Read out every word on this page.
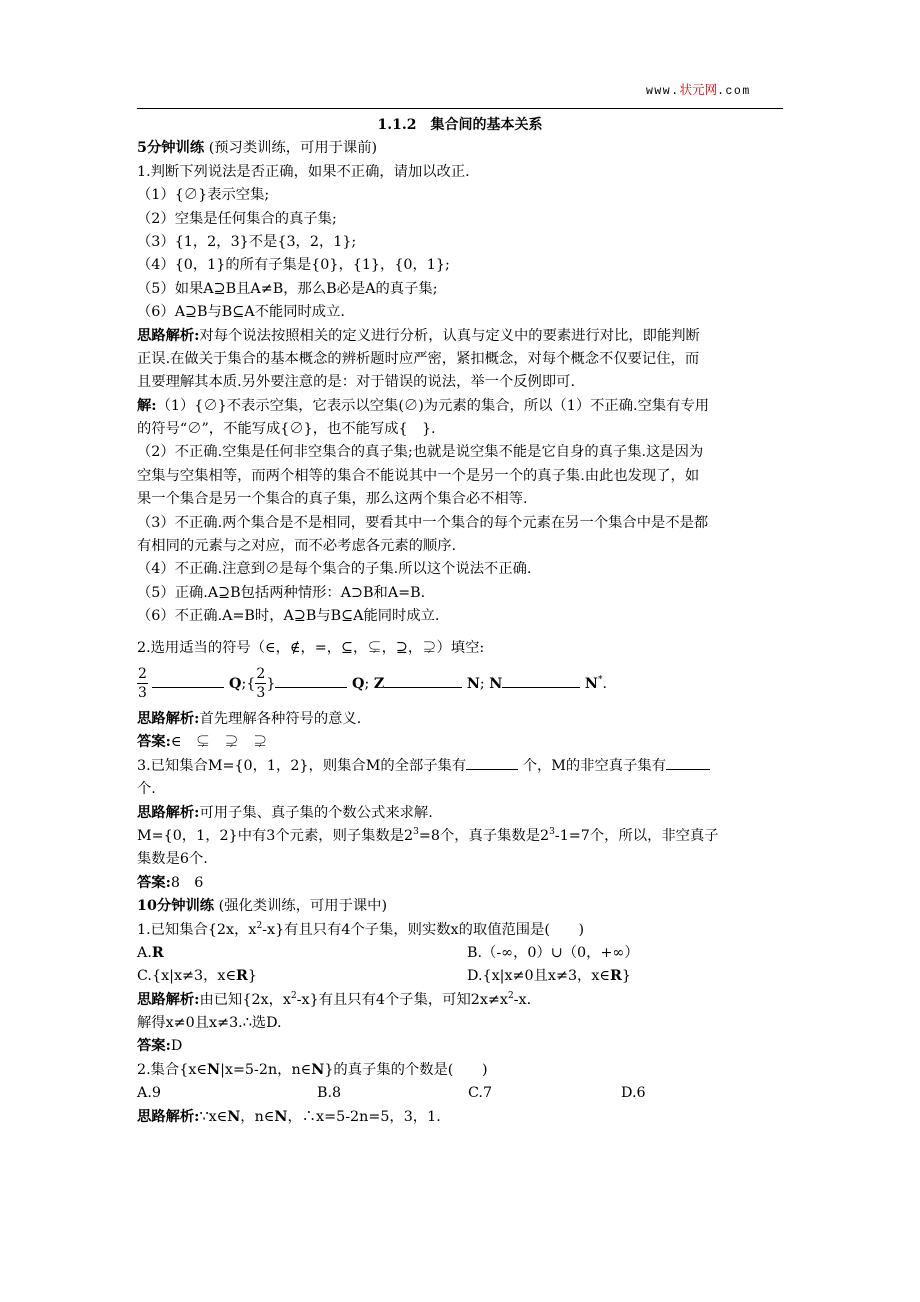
www.状元网.com
1.1.2　集合间的基本关系
5分钟训练 (预习类训练，可用于课前)
1.判断下列说法是否正确，如果不正确，请加以改正.
（1）{∅}表示空集;
（2）空集是任何集合的真子集;
（3）{1，2，3}不是{3，2，1};
（4）{0，1}的所有子集是{0}，{1}，{0，1};
（5）如果A⊇B且A≠B，那么B必是A的真子集;
（6）A⊇B与B⊆A不能同时成立.
思路解析:对每个说法按照相关的定义进行分析，认真与定义中的要素进行对比，即能判断
正误.在做关于集合的基本概念的辨析题时应严密，紧扣概念，对每个概念不仅要记住，而
且要理解其本质.另外要注意的是：对于错误的说法，举一个反例即可.
解:（1）{∅}不表示空集，它表示以空集(∅)为元素的集合，所以（1）不正确.空集有专用
的符号“∅”，不能写成{∅}，也不能写成{　}.
（2）不正确.空集是任何非空集合的真子集;也就是说空集不能是它自身的真子集.这是因为
空集与空集相等，而两个相等的集合不能说其中一个是另一个的真子集.由此也发现了，如
果一个集合是另一个集合的真子集，那么这两个集合必不相等.
（3）不正确.两个集合是不是相同，要看其中一个集合的每个元素在另一个集合中是不是都
有相同的元素与之对应，而不必考虑各元素的顺序.
（4）不正确.注意到∅是每个集合的子集.所以这个说法不正确.
（5）正确.A⊇B包括两种情形：A⊃B和A=B.
（6）不正确.A=B时，A⊇B与B⊆A能同时成立.
2.选用适当的符号（∈，∉，=，⊆，⊊，⊇，⊋）填空:
$\frac{2}{3}$	Q;{ $\frac{2}{3}$ }	Q; Z	N; N	N*.
思路解析:首先理解各种符号的意义.
答案:∈　⊊　⊋　⊋
3.已知集合M={0，1，2}，则集合M的全部子集有	个，M的非空真子集有
个.
思路解析:可用子集、真子集的个数公式来求解.
M={0，1，2}中有3个元素，则子集数是$2^3=8$个，真子集数是$2^3-1=7$个，所以，非空真子
集数是6个.
答案:8　6
10分钟训练 (强化类训练，可用于课中)
1.已知集合{2x，$x^2-x$}有且只有4个子集，则实数x的取值范围是(　　)
A.R	B.（-∞，0）∪（0，+∞）
C.{x|x≠3，x∈R}	D.{x|x≠0且x≠3，x∈R}
思路解析:由已知{2x，$x^2-x$}有且只有4个子集，可知$2x\ne x^2-x$.
解得x≠0且x≠3.∴选D.
答案:D
2.集合{x∈N|x=5-2n，n∈N}的真子集的个数是(　　)
A.9	B.8	C.7	D.6
思路解析:∵x∈N，n∈N，∴x=5-2n=5，3，1.
